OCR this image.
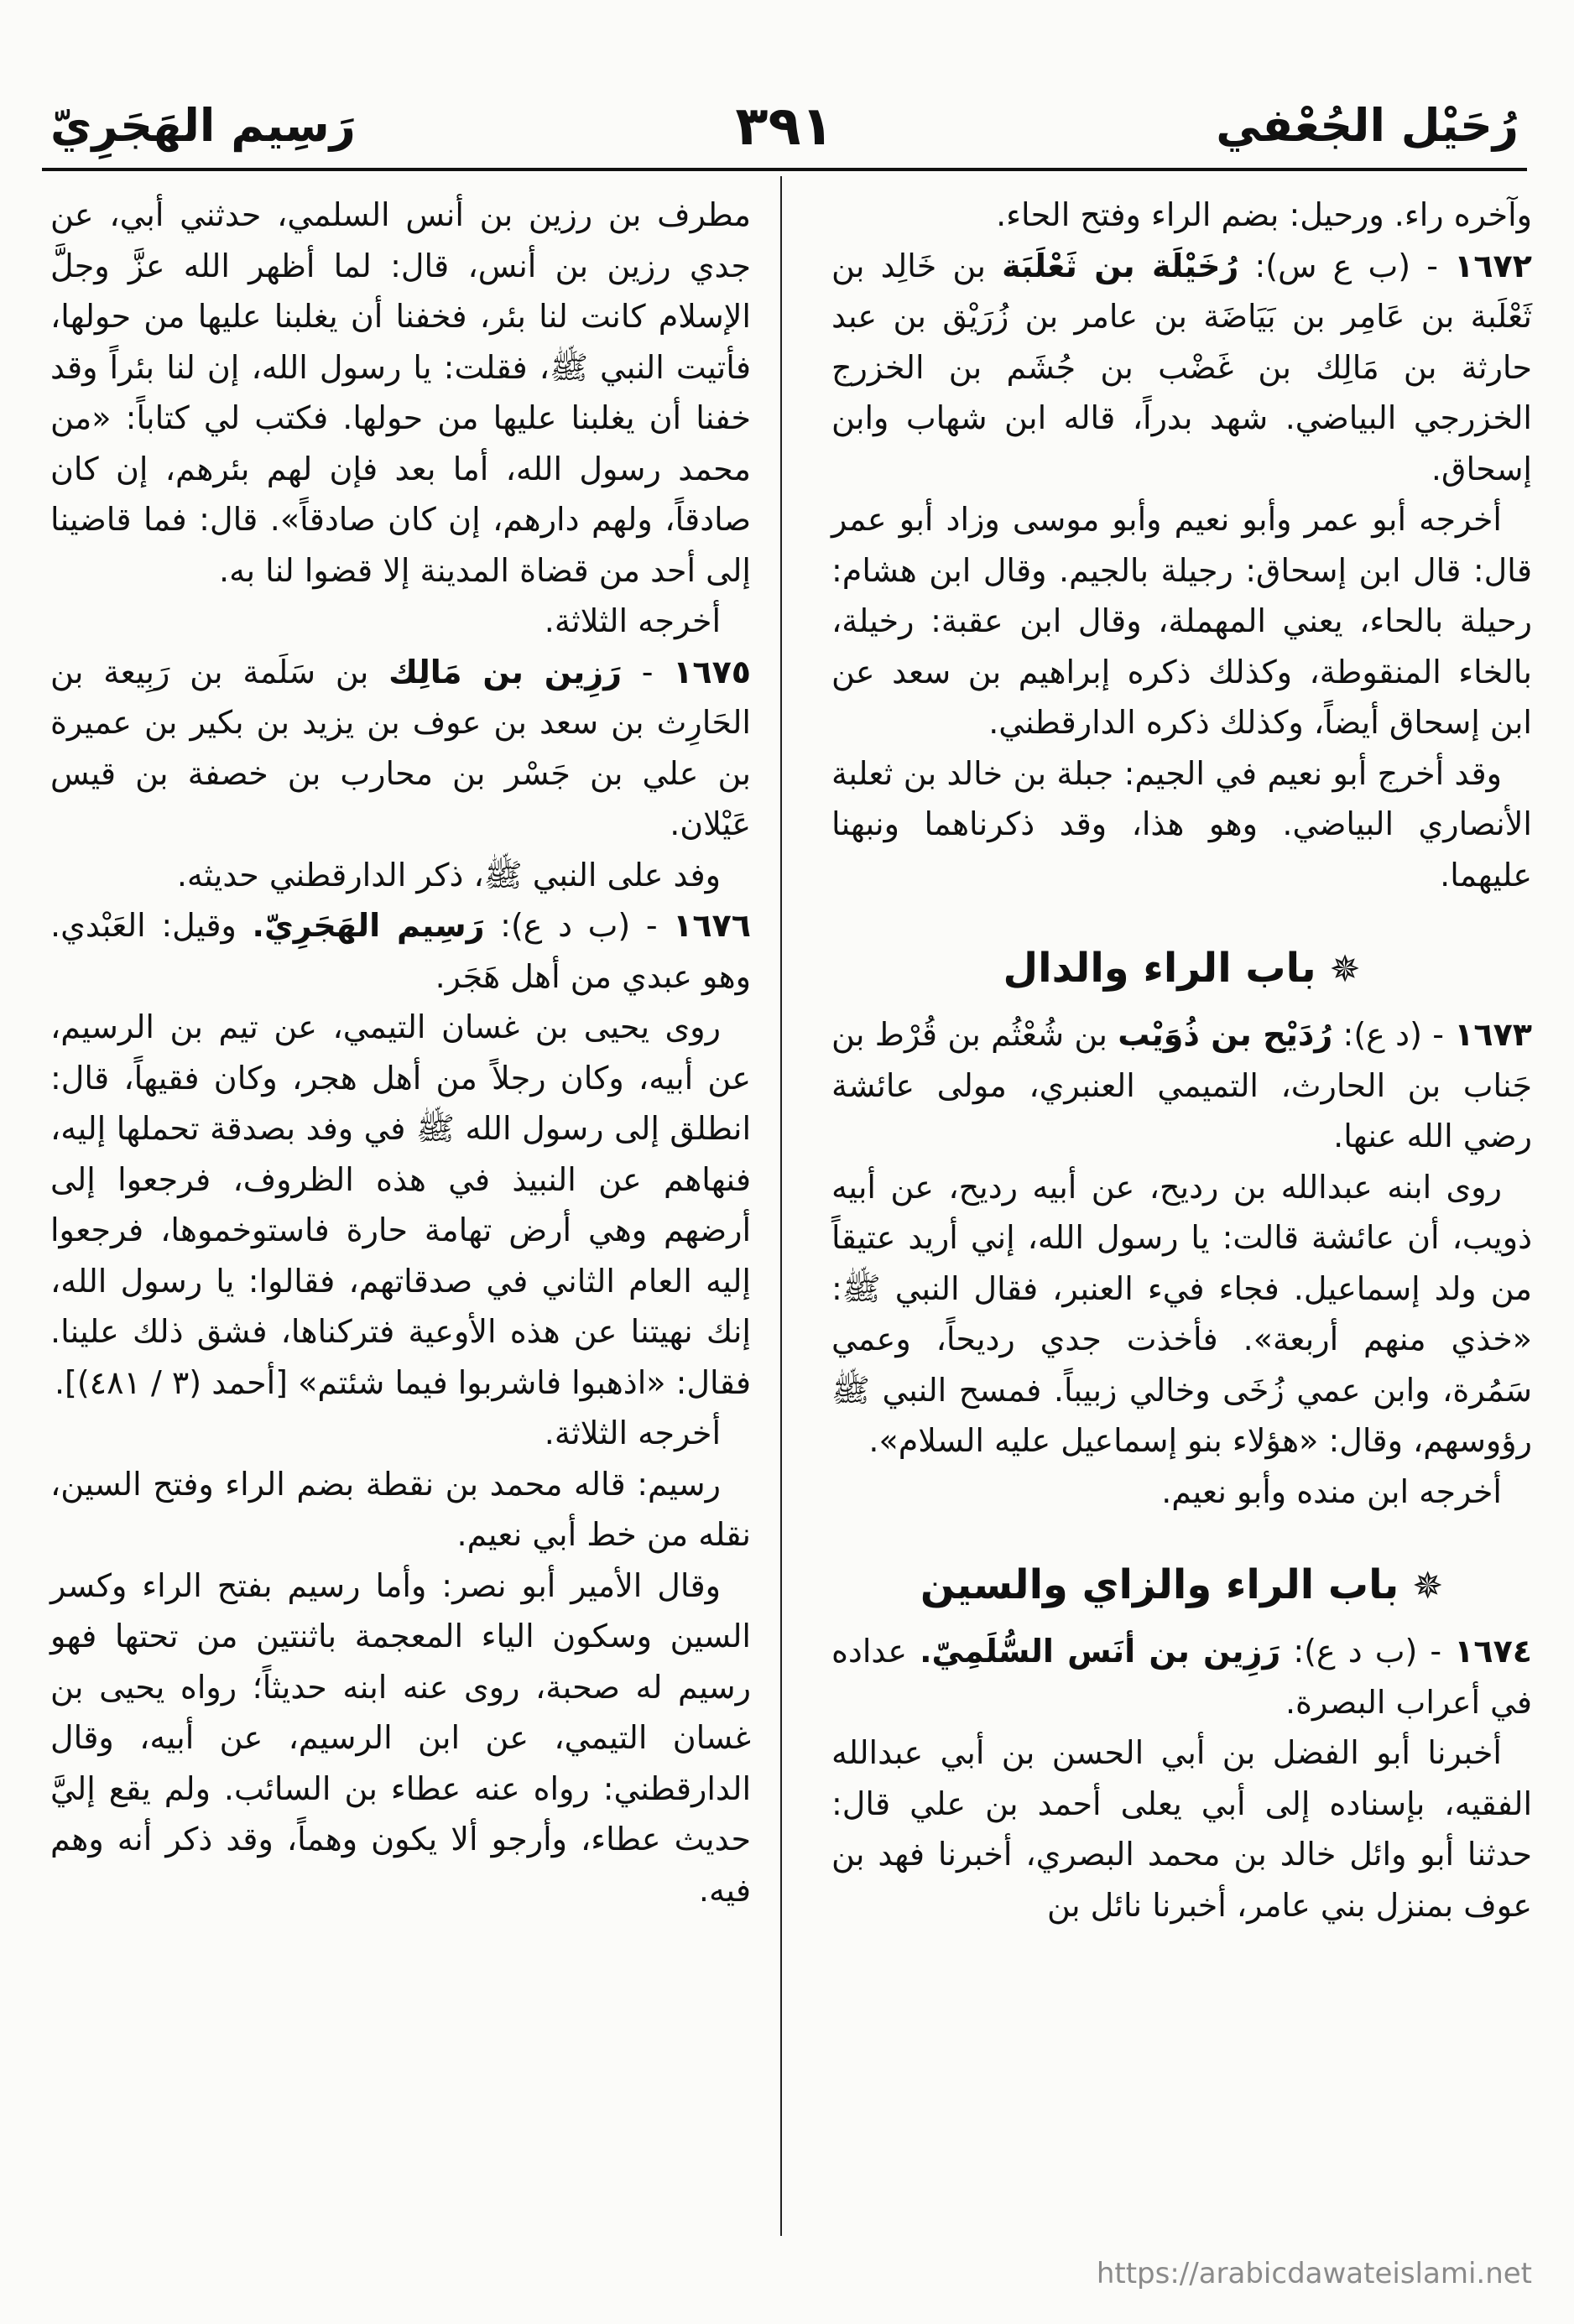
رُحَيْل الجُعْفي
٣٩١
رَسِيم الهَجَرِيّ

وآخره راء. ورحيل: بضم الراء وفتح الحاء.

١٦٧٢ - (ب ع س): رُخَيْلَة بن ثَعْلَبَة بن خَالِد بن ثَعْلَبة بن عَامِر بن بَيَاضَة بن عامر بن زُرَيْق بن عبد حارثة بن مَالِك بن غَضْب بن جُشَم بن الخزرج الخزرجي البياضي. شهد بدراً، قاله ابن شهاب وابن إسحاق.

أخرجه أبو عمر وأبو نعيم وأبو موسى وزاد أبو عمر قال: قال ابن إسحاق: رجيلة بالجيم. وقال ابن هشام: رحيلة بالحاء، يعني المهملة، وقال ابن عقبة: رخيلة، بالخاء المنقوطة، وكذلك ذكره إبراهيم بن سعد عن ابن إسحاق أيضاً، وكذلك ذكره الدارقطني.

وقد أخرج أبو نعيم في الجيم: جبلة بن خالد بن ثعلبة الأنصاري البياضي. وهو هذا، وقد ذكرناهما ونبهنا عليهما.

✵باب الراء والدال

١٦٧٣ - (د ع): رُدَيْح بن ذُوَيْب بن شُعْثُم بن قُرْط بن جَناب بن الحارث، التميمي العنبري، مولى عائشة رضي الله عنها.

روى ابنه عبدالله بن رديح، عن أبيه رديح، عن أبيه ذويب، أن عائشة قالت: يا رسول الله، إني أريد عتيقاً من ولد إسماعيل. فجاء فيء العنبر، فقال النبي ﷺ: «خذي منهم أربعة». فأخذت جدي رديحاً، وعمي سَمُرة، وابن عمي زُخَى وخالي زبيباً. فمسح النبي ﷺ رؤوسهم، وقال: «هؤلاء بنو إسماعيل عليه السلام».

أخرجه ابن منده وأبو نعيم.

✵باب الراء والزاي والسين

١٦٧٤ - (ب د ع): رَزِين بن أنَس السُّلَمِيّ. عداده في أعراب البصرة.

أخبرنا أبو الفضل بن أبي الحسن بن أبي عبدالله الفقيه، بإسناده إلى أبي يعلى أحمد بن علي قال: حدثنا أبو وائل خالد بن محمد البصري، أخبرنا فهد بن عوف بمنزل بني عامر، أخبرنا نائل بن

مطرف بن رزين بن أنس السلمي، حدثني أبي، عن جدي رزين بن أنس، قال: لما أظهر الله عزَّ وجلَّ الإسلام كانت لنا بئر، فخفنا أن يغلبنا عليها من حولها، فأتيت النبي ﷺ، فقلت: يا رسول الله، إن لنا بئراً وقد خفنا أن يغلبنا عليها من حولها. فكتب لي كتاباً: «من محمد رسول الله، أما بعد فإن لهم بئرهم، إن كان صادقاً، ولهم دارهم، إن كان صادقاً». قال: فما قاضينا إلى أحد من قضاة المدينة إلا قضوا لنا به.

أخرجه الثلاثة.

١٦٧٥ - رَزِين بن مَالِك بن سَلَمة بن رَبِيعة بن الحَارِث بن سعد بن عوف بن يزيد بن بكير بن عميرة بن علي بن جَسْر بن محارب بن خصفة بن قيس عَيْلان.

وفد على النبي ﷺ، ذكر الدارقطني حديثه.

١٦٧٦ - (ب د ع): رَسِيم الهَجَرِيّ. وقيل: العَبْدي. وهو عبدي من أهل هَجَر.

روى يحيى بن غسان التيمي، عن تيم بن الرسيم، عن أبيه، وكان رجلاً من أهل هجر، وكان فقيهاً، قال: انطلق إلى رسول الله ﷺ في وفد بصدقة تحملها إليه، فنهاهم عن النبيذ في هذه الظروف، فرجعوا إلى أرضهم وهي أرض تهامة حارة فاستوخموها، فرجعوا إليه العام الثاني في صدقاتهم، فقالوا: يا رسول الله، إنك نهيتنا عن هذه الأوعية فتركناها، فشق ذلك علينا. فقال: «اذهبوا فاشربوا فيما شئتم» [أحمد (٣ / ٤٨١)].

أخرجه الثلاثة.

رسيم: قاله محمد بن نقطة بضم الراء وفتح السين، نقله من خط أبي نعيم.

وقال الأمير أبو نصر: وأما رسيم بفتح الراء وكسر السين وسكون الياء المعجمة باثنتين من تحتها فهو رسيم له صحبة، روى عنه ابنه حديثاً؛ رواه يحيى بن غسان التيمي، عن ابن الرسيم، عن أبيه، وقال الدارقطني: رواه عنه عطاء بن السائب. ولم يقع إليَّ حديث عطاء، وأرجو ألا يكون وهماً، وقد ذكر أنه وهم فيه.

https://arabicdawateislami.net
